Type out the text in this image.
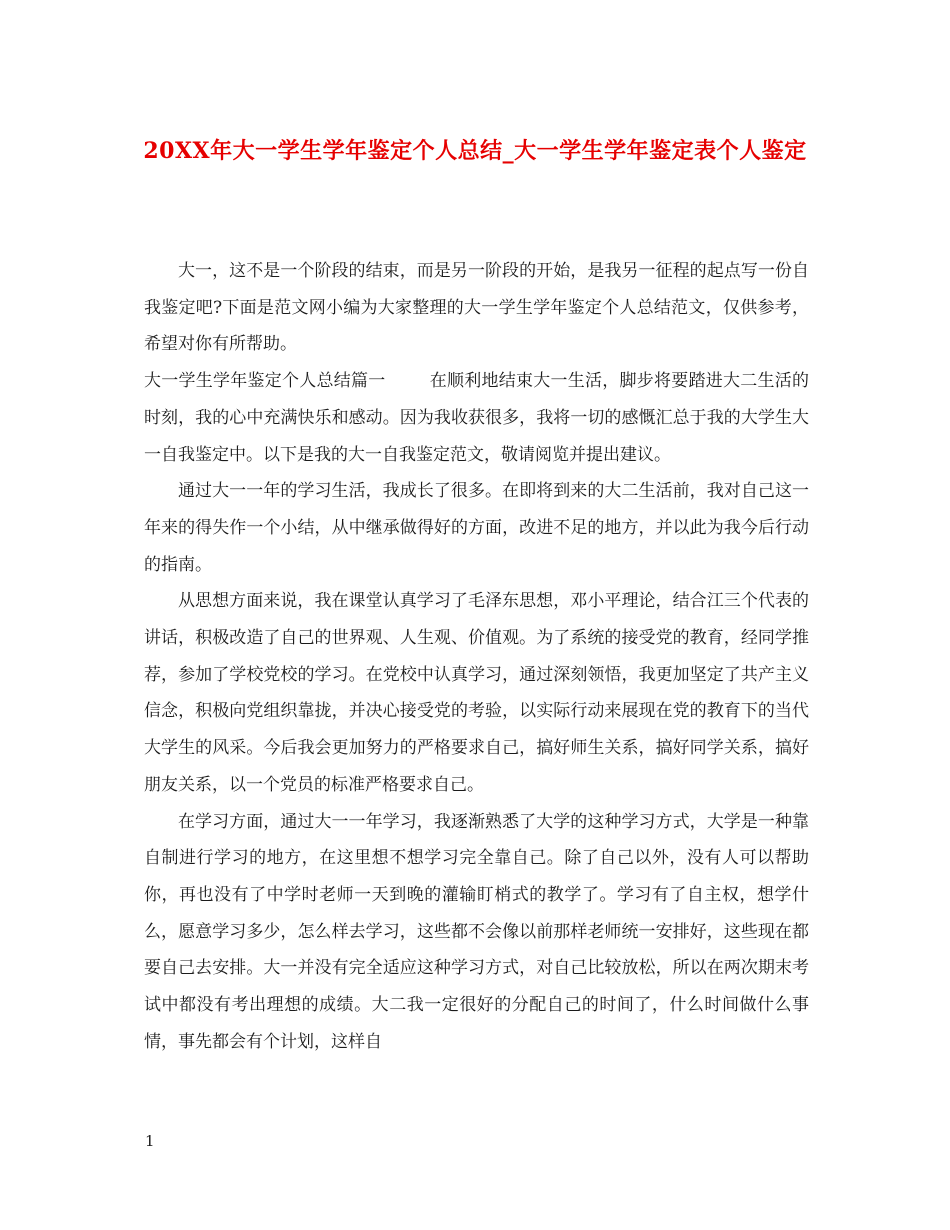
20XX年大一学生学年鉴定个人总结_大一学生学年鉴定表个人鉴定

大一，这不是一个阶段的结束，而是另一阶段的开始，是我另一征程的起点写一份自我鉴定吧?下面是范文网小编为大家整理的大一学生学年鉴定个人总结范文，仅供参考，希望对你有所帮助。

大一学生学年鉴定个人总结篇一	在顺利地结束大一生活，脚步将要踏进大二生活的时刻，我的心中充满快乐和感动。因为我收获很多，我将一切的感慨汇总于我的大学生大一自我鉴定中。以下是我的大一自我鉴定范文，敬请阅览并提出建议。

通过大一一年的学习生活，我成长了很多。在即将到来的大二生活前，我对自己这一年来的得失作一个小结，从中继承做得好的方面，改进不足的地方，并以此为我今后行动的指南。

从思想方面来说，我在课堂认真学习了毛泽东思想，邓小平理论，结合江三个代表的讲话，积极改造了自己的世界观、人生观、价值观。为了系统的接受党的教育，经同学推荐，参加了学校党校的学习。在党校中认真学习，通过深刻领悟，我更加坚定了共产主义信念，积极向党组织靠拢，并决心接受党的考验，以实际行动来展现在党的教育下的当代大学生的风采。今后我会更加努力的严格要求自己，搞好师生关系，搞好同学关系，搞好朋友关系，以一个党员的标准严格要求自己。

在学习方面，通过大一一年学习，我逐渐熟悉了大学的这种学习方式，大学是一种靠自制进行学习的地方，在这里想不想学习完全靠自己。除了自己以外，没有人可以帮助你，再也没有了中学时老师一天到晚的灌输盯梢式的教学了。学习有了自主权，想学什么，愿意学习多少，怎么样去学习，这些都不会像以前那样老师统一安排好，这些现在都要自己去安排。大一并没有完全适应这种学习方式，对自己比较放松，所以在两次期末考试中都没有考出理想的成绩。大二我一定很好的分配自己的时间了，什么时间做什么事情，事先都会有个计划，这样自

1
